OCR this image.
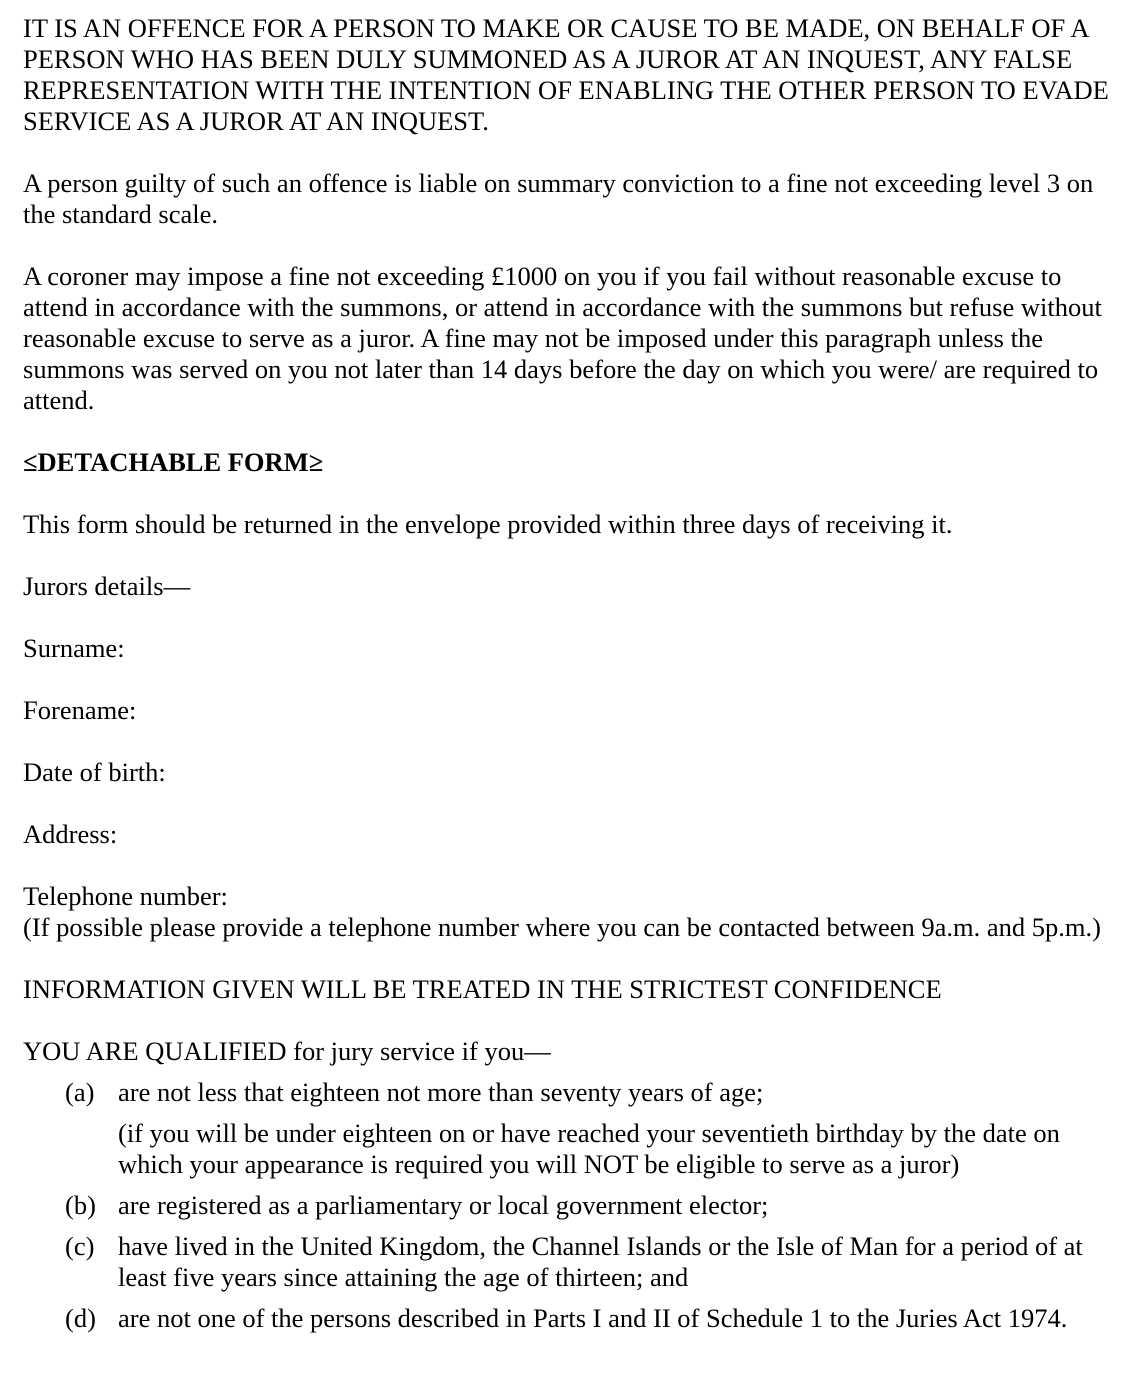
IT IS AN OFFENCE FOR A PERSON TO MAKE OR CAUSE TO BE MADE, ON BEHALF OF A PERSON WHO HAS BEEN DULY SUMMONED AS A JUROR AT AN INQUEST, ANY FALSE REPRESENTATION WITH THE INTENTION OF ENABLING THE OTHER PERSON TO EVADE SERVICE AS A JUROR AT AN INQUEST.

A person guilty of such an offence is liable on summary conviction to a fine not exceeding level 3 on the standard scale.

A coroner may impose a fine not exceeding £1000 on you if you fail without reasonable excuse to attend in accordance with the summons, or attend in accordance with the summons but refuse without reasonable excuse to serve as a juror. A fine may not be imposed under this paragraph unless the summons was served on you not later than 14 days before the day on which you were/ are required to attend.

≤DETACHABLE FORM≥

This form should be returned in the envelope provided within three days of receiving it.

Jurors details—

Surname:

Forename:

Date of birth:

Address:

Telephone number:

(If possible please provide a telephone number where you can be contacted between 9a.m. and 5p.m.)

INFORMATION GIVEN WILL BE TREATED IN THE STRICTEST CONFIDENCE

YOU ARE QUALIFIED for jury service if you—

(a) are not less that eighteen not more than seventy years of age;

(if you will be under eighteen on or have reached your seventieth birthday by the date on which your appearance is required you will NOT be eligible to serve as a juror)

(b) are registered as a parliamentary or local government elector;

(c) have lived in the United Kingdom, the Channel Islands or the Isle of Man for a period of at least five years since attaining the age of thirteen; and

(d) are not one of the persons described in Parts I and II of Schedule 1 to the Juries Act 1974.
